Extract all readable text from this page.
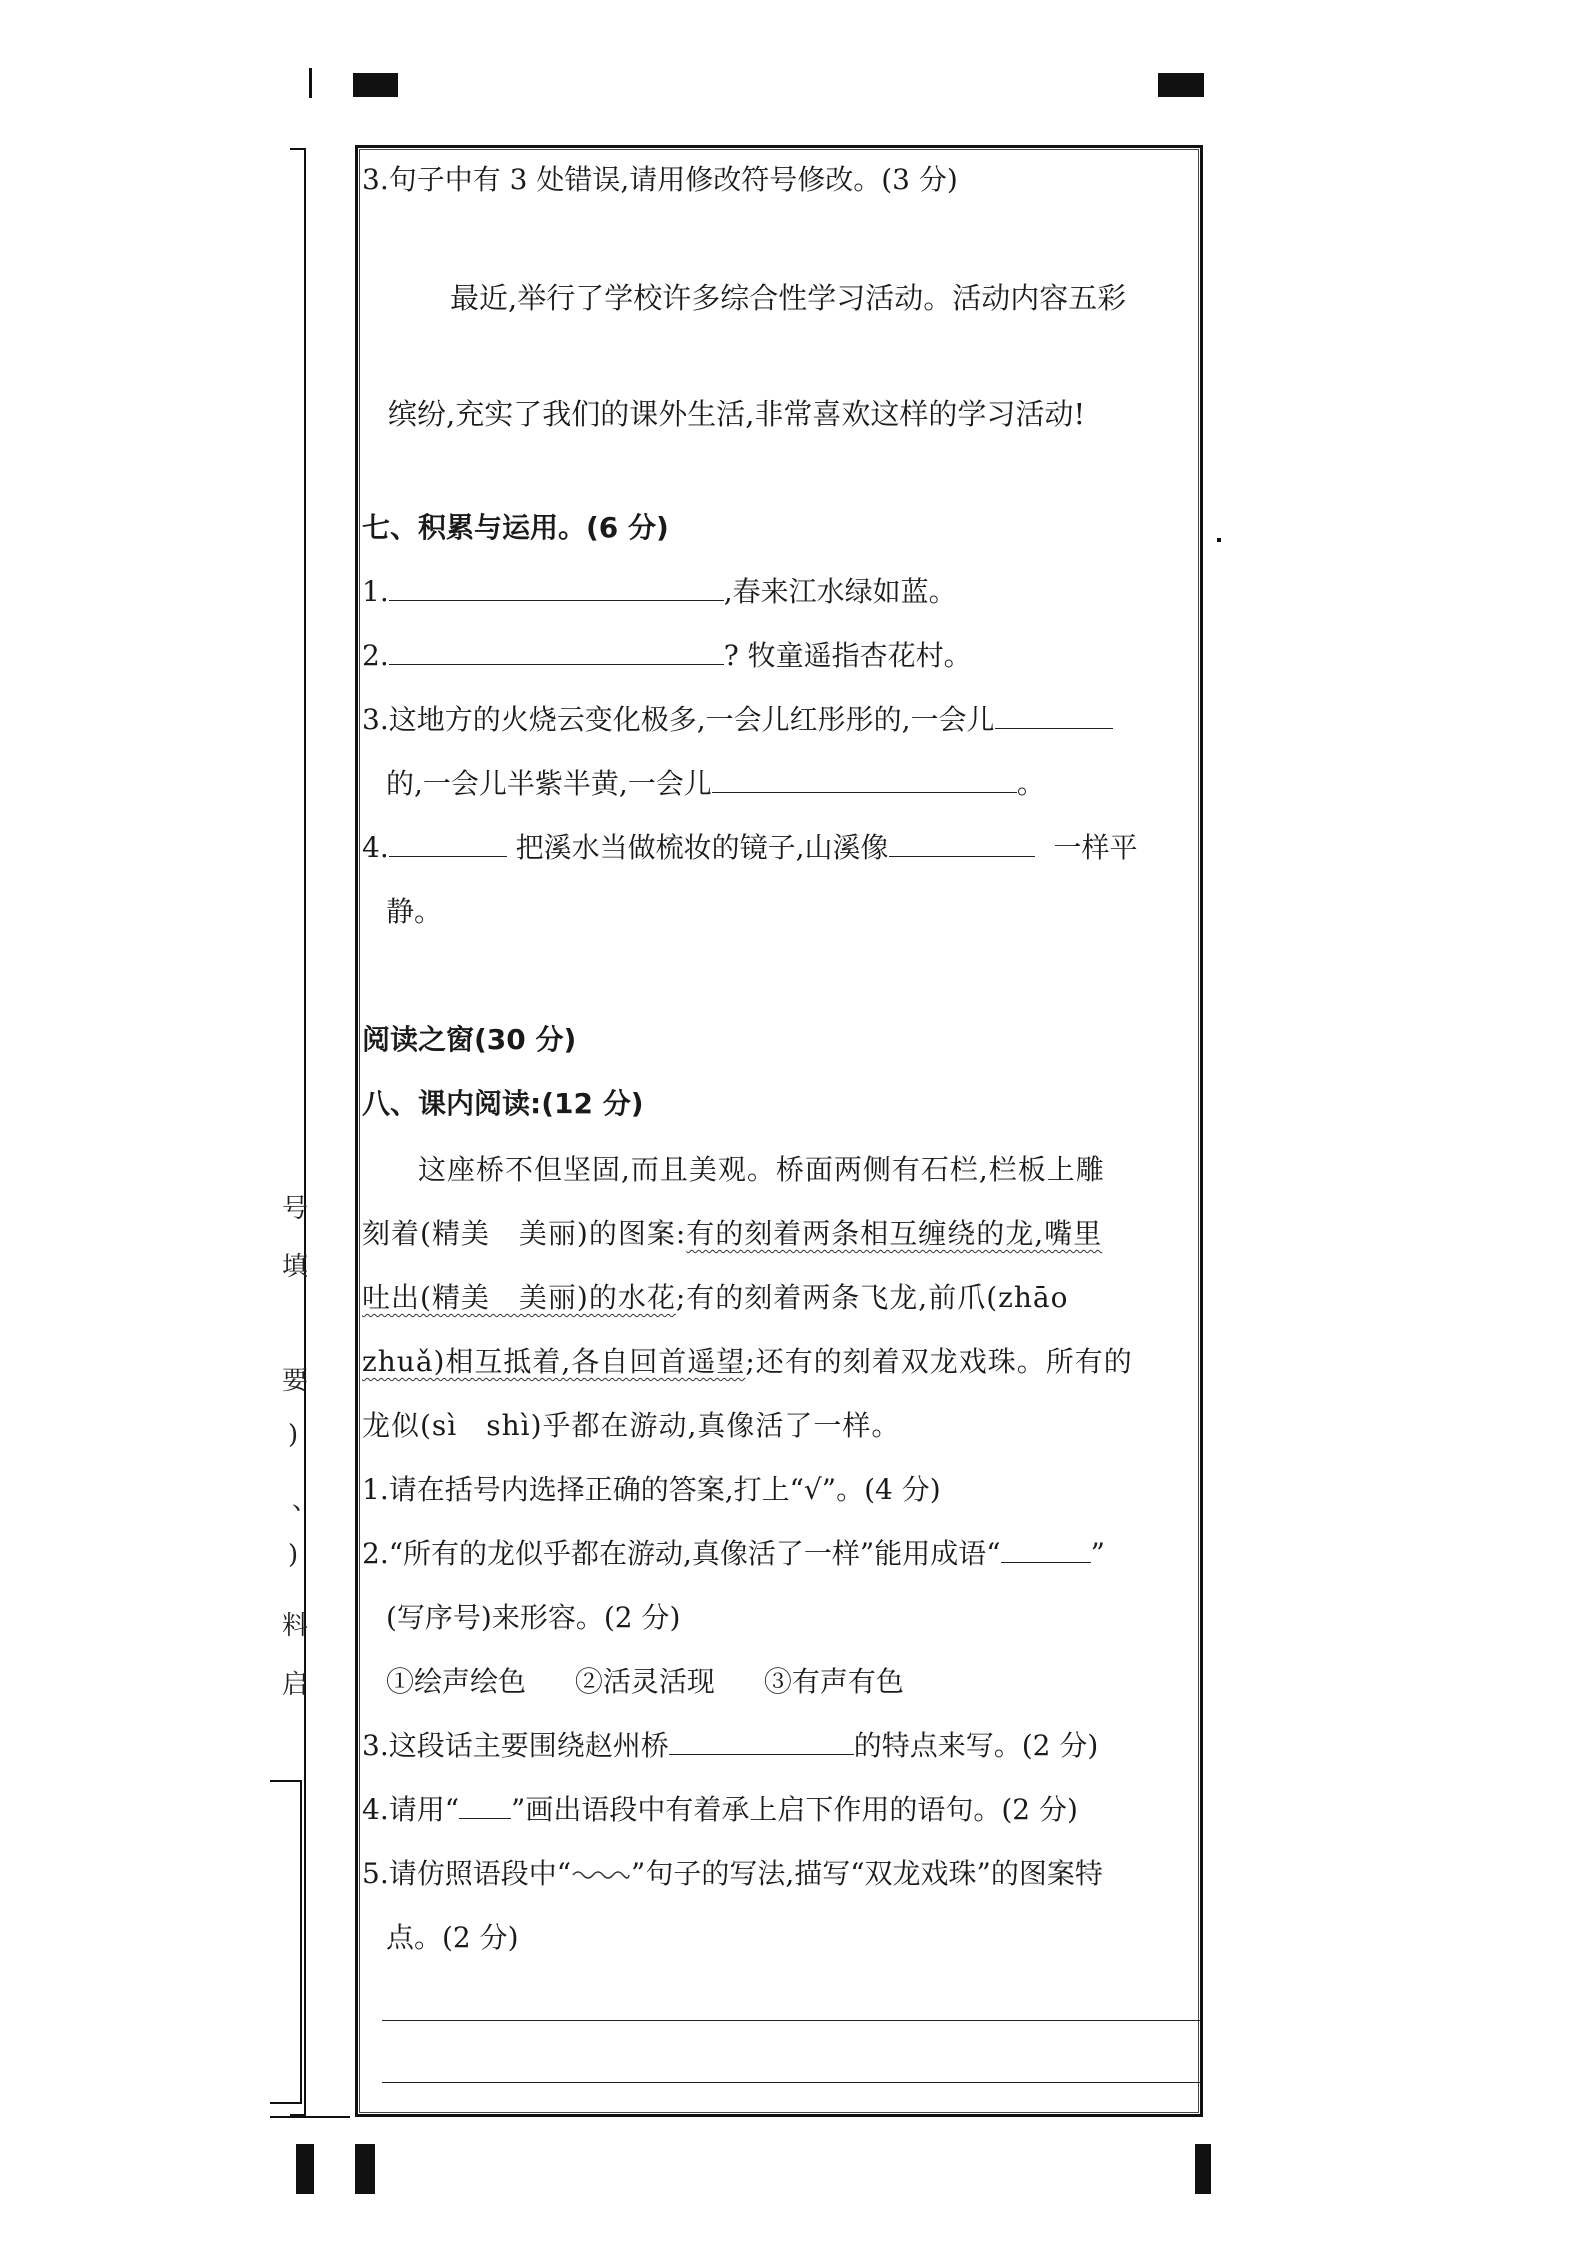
号
填
要
)
、
)
料
启
3.句子中有 3 处错误,请用修改符号修改。(3 分)
最近,举行了学校许多综合性学习活动。活动内容五彩
缤纷,充实了我们的课外生活,非常喜欢这样的学习活动!
七、积累与运用。(6 分)
1.	,春来江水绿如蓝。
2.	? 牧童遥指杏花村。
3.这地方的火烧云变化极多,一会儿红彤彤的,一会儿
的,一会儿半紫半黄,一会儿	。
4.	把溪水当做梳妆的镜子,山溪像	一样平
静。
阅读之窗(30 分)
八、课内阅读:(12 分)
这座桥不但坚固,而且美观。桥面两侧有石栏,栏板上雕
刻着(精美　美丽)的图案:有的刻着两条相互缠绕的龙,嘴里
吐出(精美　美丽)的水花;有的刻着两条飞龙,前爪(zhāo
zhuǎ)相互抵着,各自回首遥望;还有的刻着双龙戏珠。所有的
龙似(sì　shì)乎都在游动,真像活了一样。
1.请在括号内选择正确的答案,打上“√”。(4 分)
2.“所有的龙似乎都在游动,真像活了一样”能用成语“	”
(写序号)来形容。(2 分)
①绘声绘色 ②活灵活现 ③有声有色
3.这段话主要围绕赵州桥	的特点来写。(2 分)
4.请用“ ”画出语段中有着承上启下作用的语句。(2 分)
5.请仿照语段中“ ”句子的写法,描写“双龙戏珠”的图案特
点。(2 分)
